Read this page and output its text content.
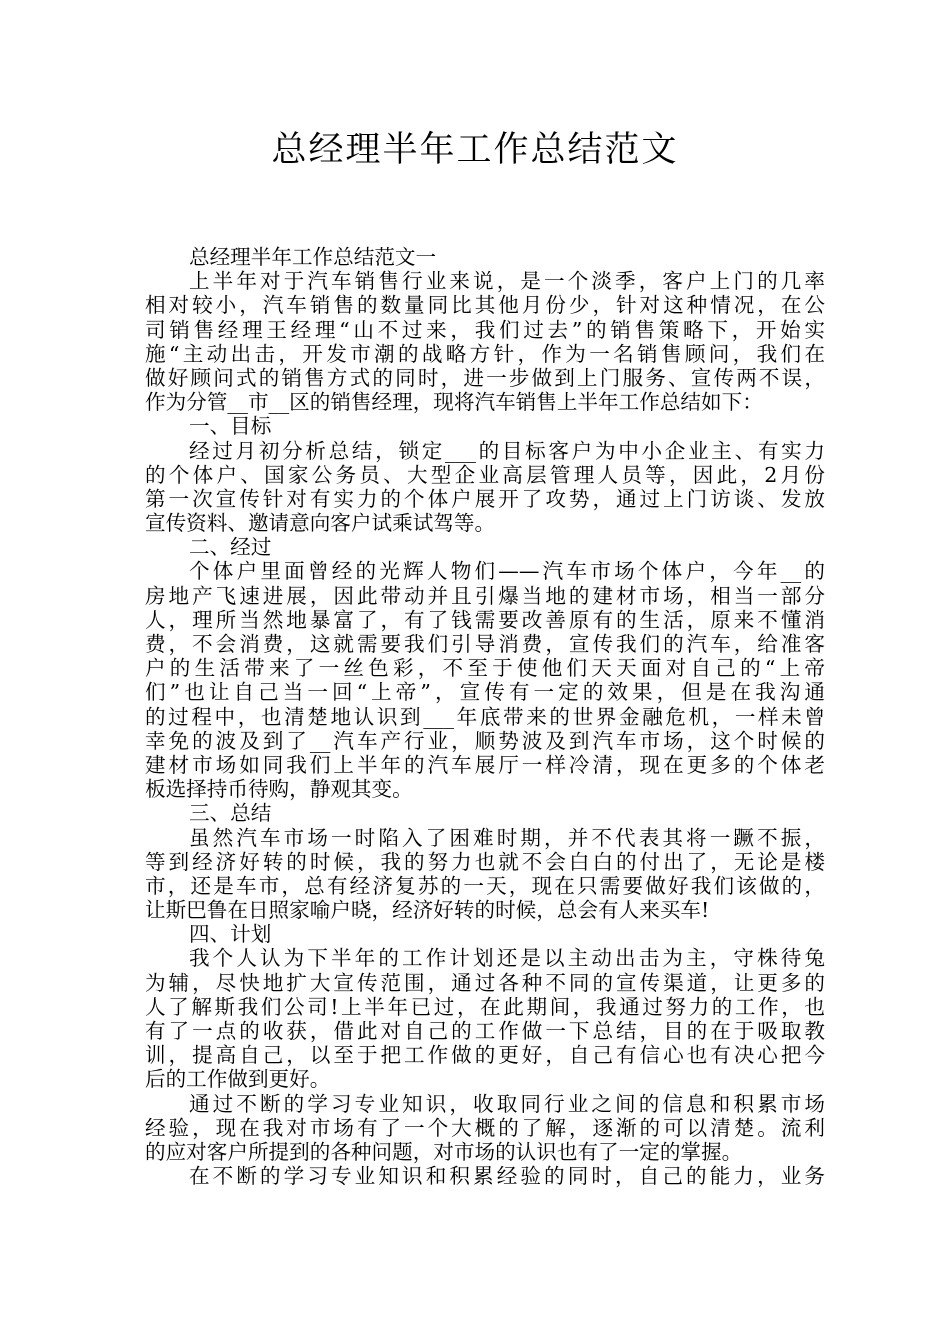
总经理半年工作总结范文
总经理半年工作总结范文一
上半年对于汽车销售行业来说，是一个淡季，客户上门的几率
相对较小，汽车销售的数量同比其他月份少，针对这种情况，在公
司销售经理王经理“山不过来，我们过去”的销售策略下，开始实
施“主动出击，开发市潮的战略方针，作为一名销售顾问，我们在
做好顾问式的销售方式的同时，进一步做到上门服务、宣传两不误，
作为分管__市__区的销售经理，现将汽车销售上半年工作总结如下：
一、目标
经过月初分析总结，锁定___的目标客户为中小企业主、有实力
的个体户、国家公务员、大型企业高层管理人员等，因此，2月份
第一次宣传针对有实力的个体户展开了攻势，通过上门访谈、发放
宣传资料、邀请意向客户试乘试驾等。
二、经过
个体户里面曾经的光辉人物们——汽车市场个体户，今年__的
房地产飞速进展，因此带动并且引爆当地的建材市场，相当一部分
人，理所当然地暴富了，有了钱需要改善原有的生活，原来不懂消
费，不会消费，这就需要我们引导消费，宣传我们的汽车，给准客
户的生活带来了一丝色彩，不至于使他们天天面对自己的“上帝
们”也让自己当一回“上帝”，宣传有一定的效果，但是在我沟通
的过程中，也清楚地认识到___年底带来的世界金融危机，一样未曾
幸免的波及到了__汽车产行业，顺势波及到汽车市场，这个时候的
建材市场如同我们上半年的汽车展厅一样冷清，现在更多的个体老
板选择持币待购，静观其变。
三、总结
虽然汽车市场一时陷入了困难时期，并不代表其将一蹶不振，
等到经济好转的时候，我的努力也就不会白白的付出了，无论是楼
市，还是车市，总有经济复苏的一天，现在只需要做好我们该做的，
让斯巴鲁在日照家喻户晓，经济好转的时候，总会有人来买车!
四、计划
我个人认为下半年的工作计划还是以主动出击为主，守株待兔
为辅，尽快地扩大宣传范围，通过各种不同的宣传渠道，让更多的
人了解斯我们公司!上半年已过，在此期间，我通过努力的工作，也
有了一点的收获，借此对自己的工作做一下总结，目的在于吸取教
训，提高自己，以至于把工作做的更好，自己有信心也有决心把今
后的工作做到更好。
通过不断的学习专业知识，收取同行业之间的信息和积累市场
经验，现在我对市场有了一个大概的了解，逐渐的可以清楚。流利
的应对客户所提到的各种问题，对市场的认识也有了一定的掌握。
在不断的学习专业知识和积累经验的同时，自己的能力，业务
